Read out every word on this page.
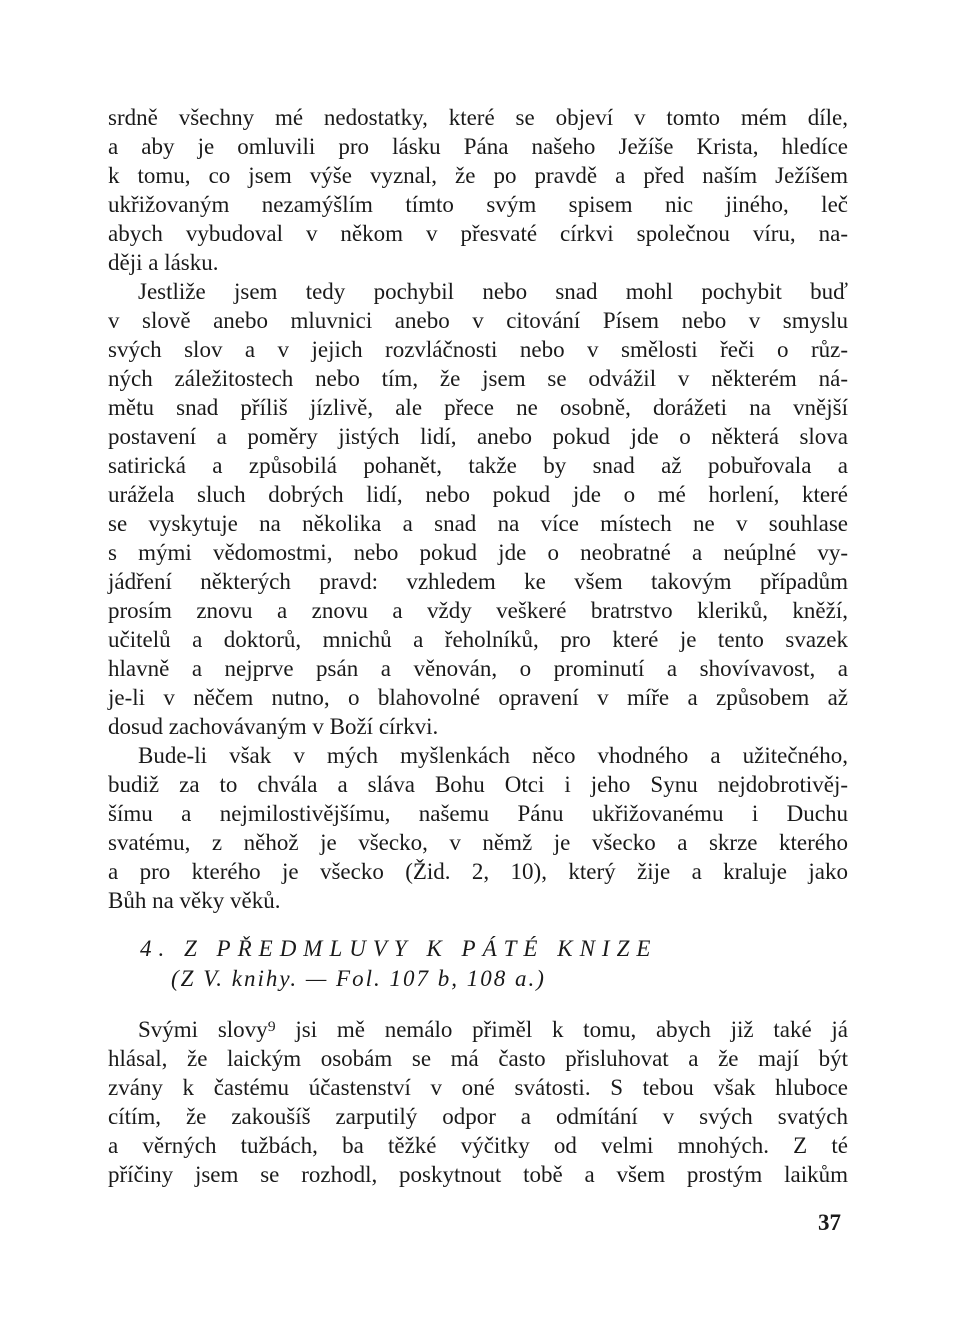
srdně všechny mé nedostatky, které se objeví v tomto mém díle,
a aby je omluvili pro lásku Pána našeho Ježíše Krista, hledíce
k tomu, co jsem výše vyznal, že po pravdě a před naším Ježíšem
ukřižovaným nezamýšlím tímto svým spisem nic jiného, leč
abych vybudoval v někom v přesvaté církvi společnou víru, na-
ději a lásku.
Jestliže jsem tedy pochybil nebo snad mohl pochybit buď
v slově anebo mluvnici anebo v citování Písem nebo v smyslu
svých slov a v jejich rozvláčnosti nebo v smělosti řeči o růz-
ných záležitostech nebo tím, že jsem se odvážil v některém ná-
mětu snad příliš jízlivě, ale přece ne osobně, dorážeti na vnější
postavení a poměry jistých lidí, anebo pokud jde o některá slova
satirická a způsobilá pohanět, takže by snad až pobuřovala a
urážela sluch dobrých lidí, nebo pokud jde o mé horlení, které
se vyskytuje na několika a snad na více místech ne v souhlase
s mými vědomostmi, nebo pokud jde o neobratné a neúplné vy-
jádření některých pravd: vzhledem ke všem takovým případům
prosím znovu a znovu a vždy veškeré bratrstvo kleriků, kněží,
učitelů a doktorů, mnichů a řeholníků, pro které je tento svazek
hlavně a nejprve psán a věnován, o prominutí a shovívavost, a
je-li v něčem nutno, o blahovolné opravení v míře a způsobem až
dosud zachovávaným v Boží církvi.
Bude-li však v mých myšlenkách něco vhodného a užitečného,
budiž za to chvála a sláva Bohu Otci i jeho Synu nejdobrotivěj-
šímu a nejmilostivějšímu, našemu Pánu ukřižovanému i Duchu
svatému, z něhož je všecko, v němž je všecko a skrze kterého
a pro kterého je všecko (Žid. 2, 10), který žije a kraluje jako
Bůh na věky věků.
4. Z PŘEDMLUVY K PÁTÉ KNIZE
(Z V. knihy. — Fol. 107 b, 108 a.)
Svými slovy⁹ jsi mě nemálo přiměl k tomu, abych již také já
hlásal, že laickým osobám se má často přisluhovat a že mají být
zvány k častému účastenství v oné svátosti. S tebou však hluboce
cítím, že zakoušíš zarputilý odpor a odmítání v svých svatých
a věrných tužbách, ba těžké výčitky od velmi mnohých. Z té
příčiny jsem se rozhodl, poskytnout tobě a všem prostým laikům
37
